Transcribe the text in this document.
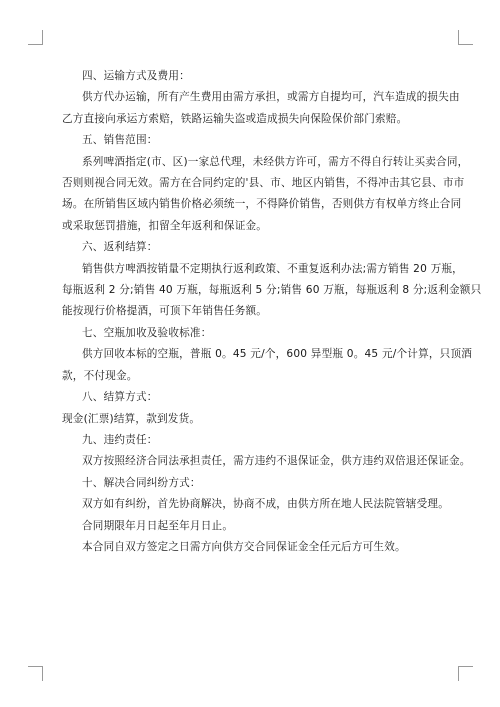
四、运输方式及费用：
供方代办运输，所有产生费用由需方承担，或需方自提均可，汽车造成的损失由
乙方直接向承运方索赔，铁路运输失盗或造成损失向保险保价部门索赔。
五、销售范围：
系列啤酒指定(市、区)一家总代理，未经供方许可，需方不得自行转让买卖合同，
否则则视合同无效。需方在合同约定的'县、市、地区内销售，不得冲击其它县、市市
场。在所销售区域内销售价格必须统一，不得降价销售，否则供方有权单方终止合同
或采取惩罚措施，扣留全年返利和保证金。
六、返利结算：
销售供方啤酒按销量不定期执行返利政策、不重复返利办法;需方销售 20 万瓶，
每瓶返利 2 分;销售 40 万瓶，每瓶返利 5 分;销售 60 万瓶，每瓶返利 8 分;返利金额只
能按现行价格提酒，可顶下年销售任务额。
七、空瓶加收及验收标准：
供方回收本标的空瓶，普瓶 0。45 元/个，600 异型瓶 0。45 元/个计算，只顶酒
款，不付现金。
八、结算方式：
现金(汇票)结算，款到发货。
九、违约责任：
双方按照经济合同法承担责任，需方违约不退保证金，供方违约双倍退还保证金。
十、解决合同纠纷方式：
双方如有纠纷，首先协商解决，协商不成，由供方所在地人民法院管辖受理。
合同期限年月日起至年月日止。
本合同自双方签定之日需方向供方交合同保证金全任元后方可生效。
